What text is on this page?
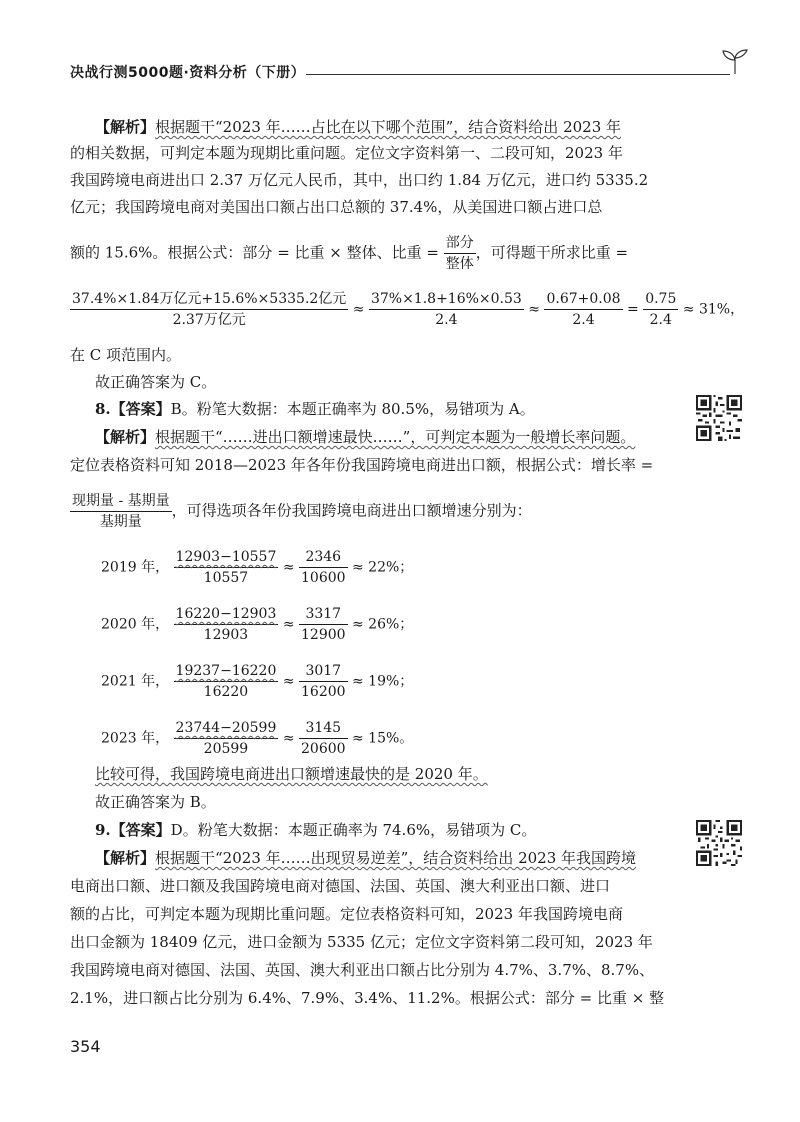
决战行测5000题·资料分析（下册）
【解析】根据题干“2023 年……占比在以下哪个范围”，结合资料给出 2023 年
的相关数据，可判定本题为现期比重问题。定位文字资料第一、二段可知，2023 年
我国跨境电商进出口 2.37 万亿元人民币，其中，出口约 1.84 万亿元，进口约 5335.2
亿元；我国跨境电商对美国出口额占出口总额的 37.4%，从美国进口额占进口总
额的 15.6%。根据公式：部分 = 比重 × 整体、比重 = $\frac{\text{部分}}{\text{整体}}$ ，可得题干所求比重 =
$\frac{\text{37.4\%×1.84万亿元+15.6\%×5335.2亿元}}{\text{2.37万亿元}} \approx \frac{37\%\times 1.8+16\%\times 0.53}{2.4} \approx \frac{0.67+0.08}{2.4} = \frac{0.75}{2.4} \approx 31\%$，
在 C 项范围内。
故正确答案为 C。
8.【答案】B。粉笔大数据：本题正确率为 80.5%，易错项为 A。
【解析】根据题干“……进出口额增速最快……”，可判定本题为一般增长率问题。
定位表格资料可知 2018—2023 年各年份我国跨境电商进出口额，根据公式：增长率 =
$\frac{\text{现期量 - 基期量}}{\text{基期量}}$ ，可得选项各年份我国跨境电商进出口额增速分别为：
2019 年， $\frac{12903-10557}{10557} \approx \frac{2346}{10600} \approx 22\%$；
2020 年， $\frac{16220-12903}{12903} \approx \frac{3317}{12900} \approx 26\%$；
2021 年， $\frac{19237-16220}{16220} \approx \frac{3017}{16200} \approx 19\%$；
2023 年， $\frac{23744-20599}{20599} \approx \frac{3145}{20600} \approx 15\%$。
比较可得，我国跨境电商进出口额增速最快的是 2020 年。
故正确答案为 B。
9.【答案】D。粉笔大数据：本题正确率为 74.6%，易错项为 C。
【解析】根据题干“2023 年……出现贸易逆差”，结合资料给出 2023 年我国跨境
电商出口额、进口额及我国跨境电商对德国、法国、英国、澳大利亚出口额、进口
额的占比，可判定本题为现期比重问题。定位表格资料可知，2023 年我国跨境电商
出口金额为 18409 亿元，进口金额为 5335 亿元；定位文字资料第二段可知，2023 年
我国跨境电商对德国、法国、英国、澳大利亚出口额占比分别为 4.7%、3.7%、8.7%、
2.1%，进口额占比分别为 6.4%、7.9%、3.4%、11.2%。根据公式：部分 = 比重 × 整
354
